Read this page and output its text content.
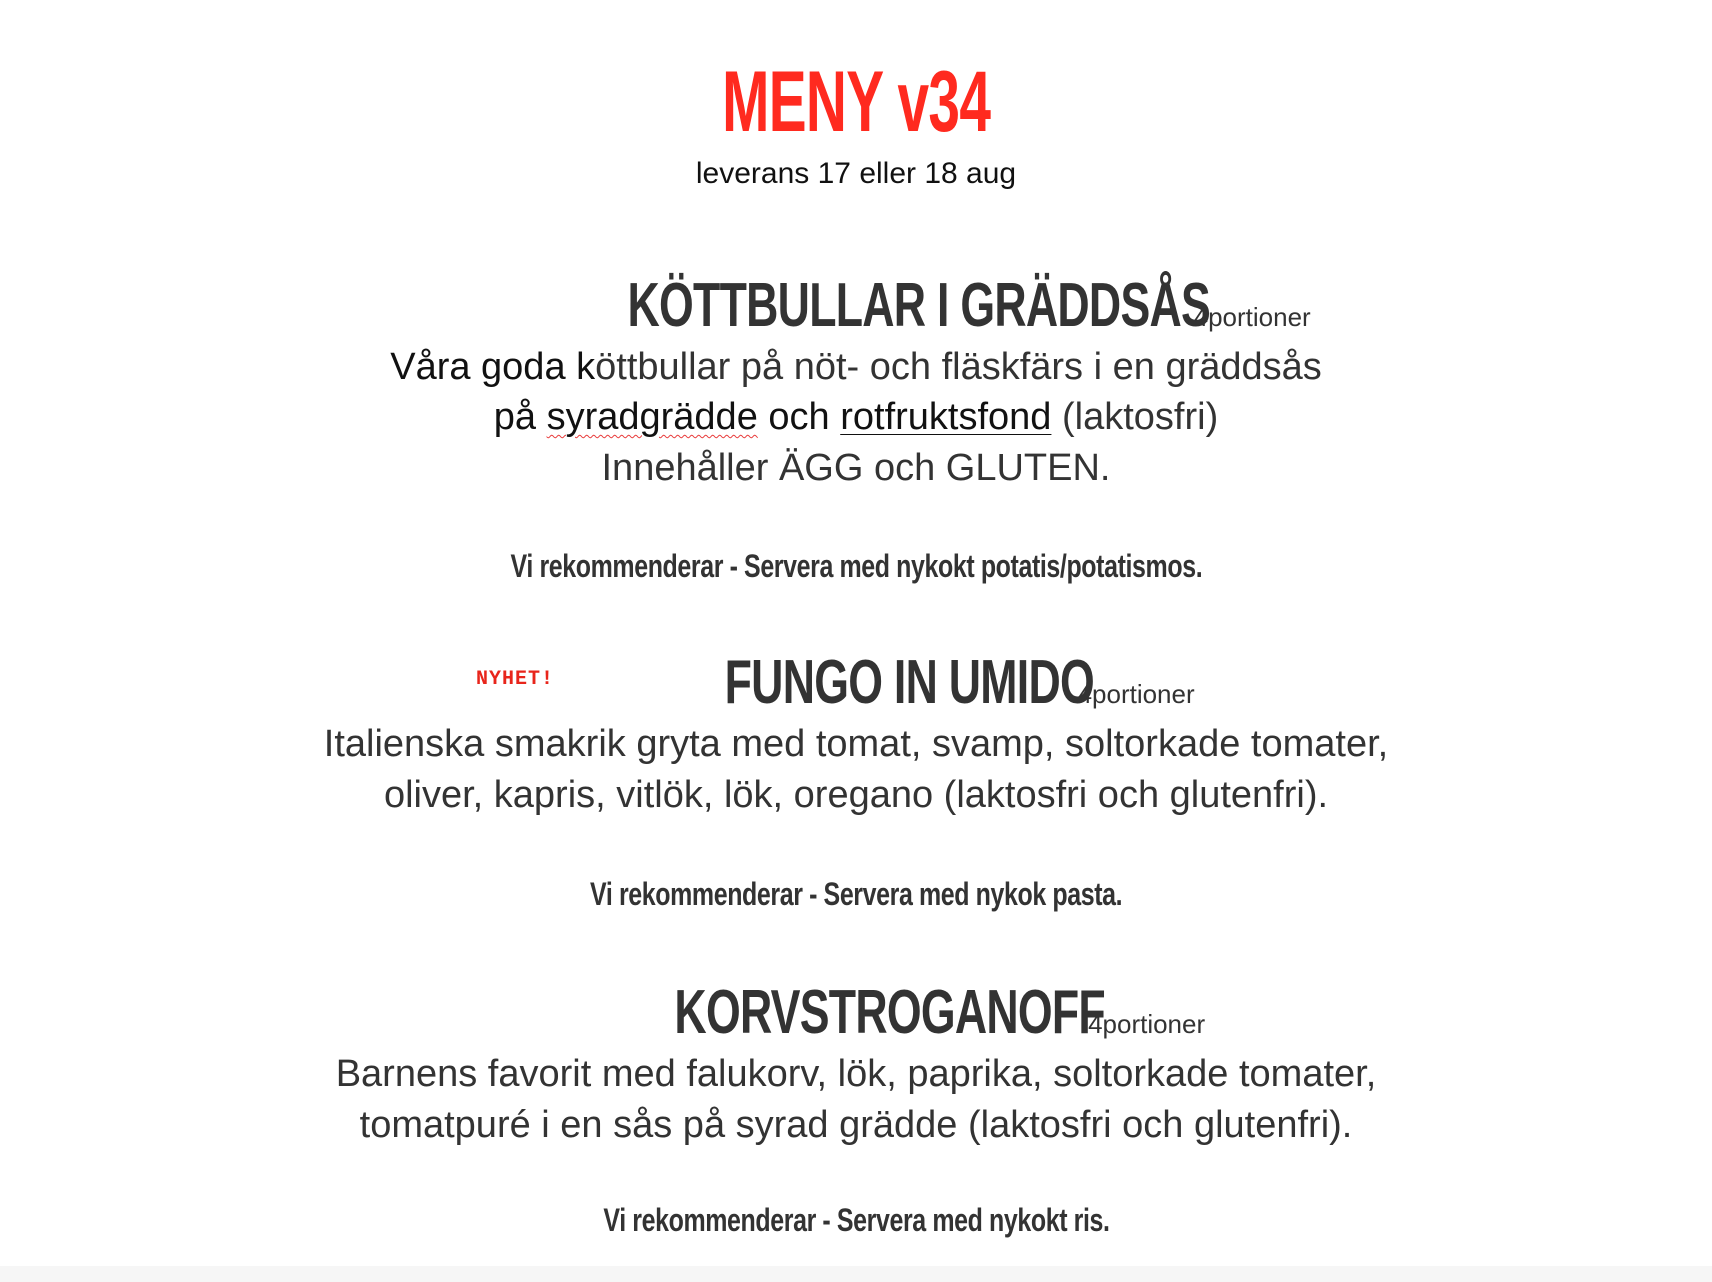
MENY v34
leverans 17 eller 18 aug
KÖTTBULLAR I GRÄDDSÅS 4portioner
Våra goda köttbullar på nöt- och fläskfärs i en gräddsås
på syradgrädde och rotfruktsfond (laktosfri)
Innehåller ÄGG och GLUTEN.
Vi rekommenderar - Servera med nykokt potatis/potatismos.
NYHET!	FUNGO IN UMIDO 4portioner
Italienska smakrik gryta med tomat, svamp, soltorkade tomater,
oliver, kapris, vitlök, lök, oregano (laktosfri och glutenfri).
Vi rekommenderar - Servera med nykok pasta.
KORVSTROGANOFF 4portioner
Barnens favorit med falukorv, lök, paprika, soltorkade tomater,
tomatpuré i en sås på syrad grädde (laktosfri och glutenfri).
Vi rekommenderar - Servera med nykokt ris.
